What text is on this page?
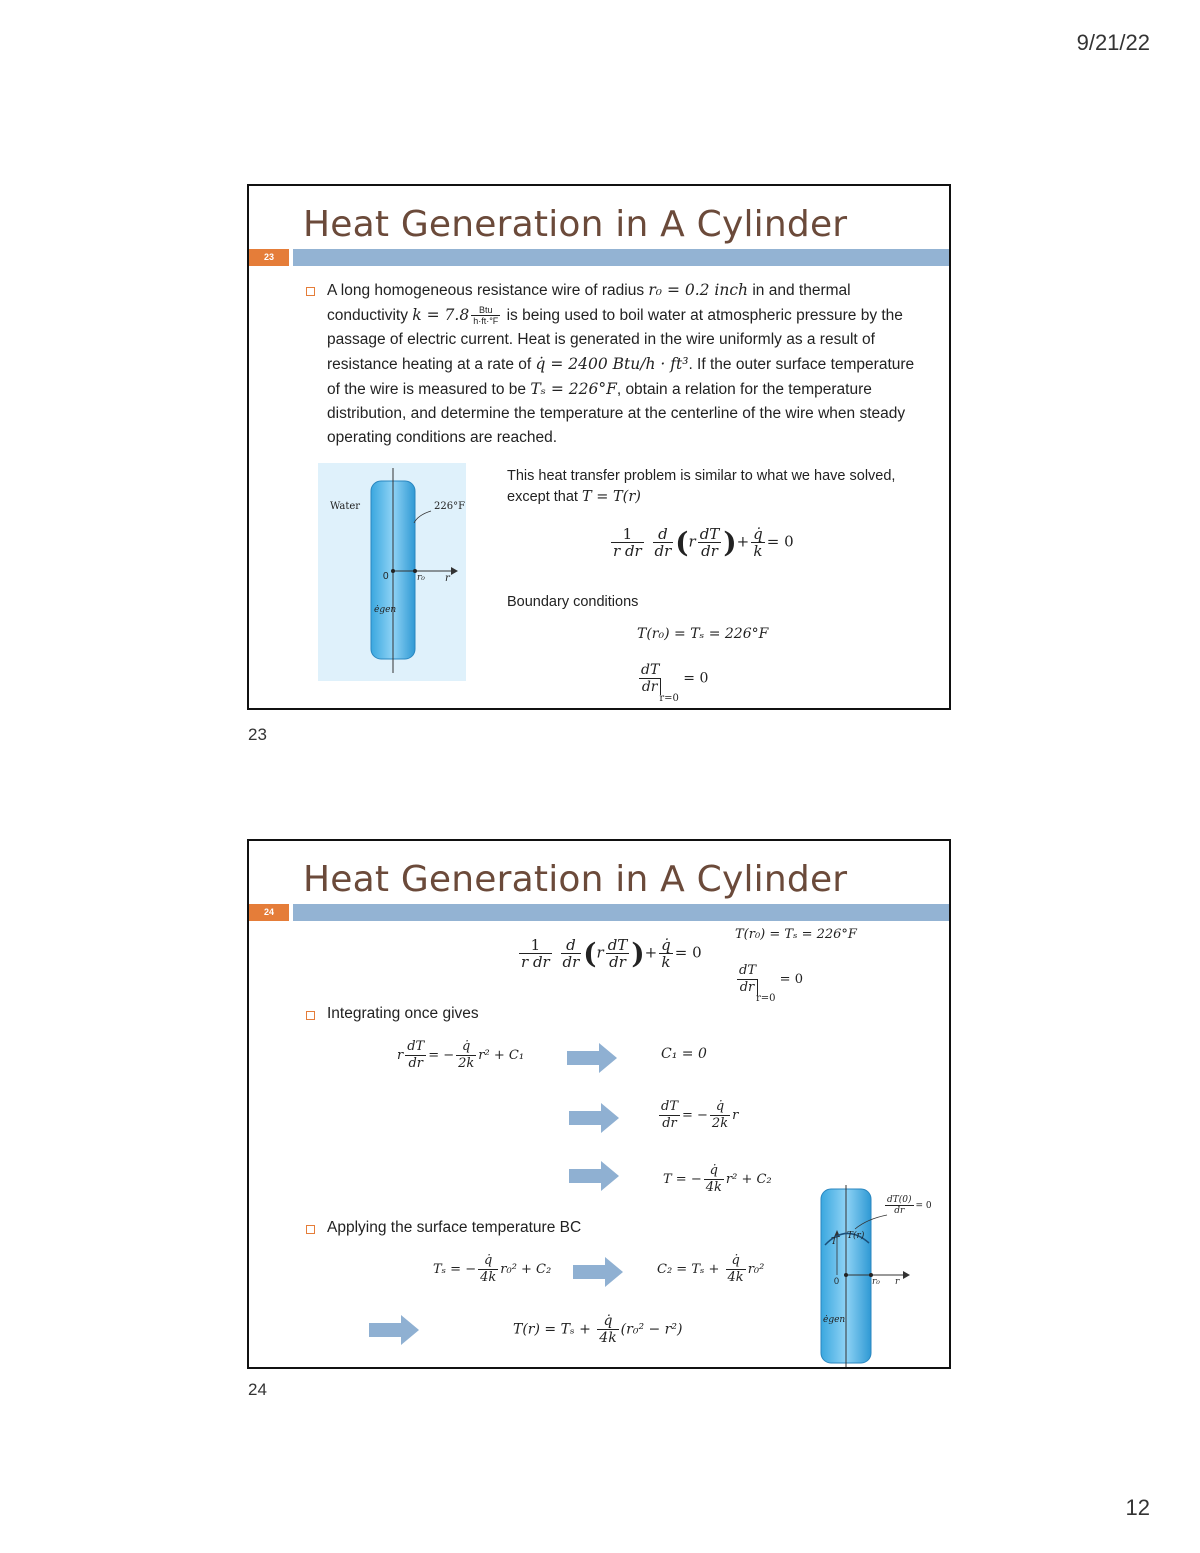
9/21/22
Heat Generation in A Cylinder
23
A long homogeneous resistance wire of radius r₀ = 0.2 inch in and thermal conductivity $k = 7.8 \frac{\text{Btu}}{h\cdot ft\cdot^\circ F}$ is being used to boil water at atmospheric pressure by the passage of electric current. Heat is generated in the wire uniformly as a result of resistance heating at a rate of q̇ = 2400 Btu/h · ft³. If the outer surface temperature of the wire is measured to be Tₛ = 226°F, obtain a relation for the temperature distribution, and determine the temperature at the centerline of the wire when steady operating conditions are reached.
Water	226°F
0	r₀ r
ėgen
This heat transfer problem is similar to what we have solved, except that T = T(r)
$\frac{1}{\text{r dr}}$
$\frac{d}{dr} (r \frac{dT}{dr}$ )+ $\frac{q̇}{k} = 0$
Boundary conditions
T(r₀) = Tₛ = 226°F
$\frac{dT}{dr}$
$_{r=0}$ = 0
23
Heat Generation in A Cylinder
24
$\frac{1}{\text{r dr}}$
$\frac{d}{dr} (r \frac{dT}{dr}$ )+ $\frac{q̇}{k} = 0$
T(r₀) = Tₛ = 226°F
$\frac{dT}{dr}$
$_{r=0}$ = 0
Integrating once gives
r $\frac{dT}{dr}$ = − $\frac{q̇}{2k} r^2 + C_1$	C₁ = 0
$\frac{dT}{dr}$ = − $\frac{q̇}{2k}$ r
T = − $\frac{q̇}{4k} r^2 + C_2$
Applying the surface temperature BC
Tₛ = − $\frac{q̇}{4k} r_0^2 + C_2$	$C_2 = T_s + \frac{q̇}{4k} r_0^2$
$T(r) = T_s + \frac{q̇}{4k} (r_0^2 - r^2)$
$\frac{dT(0)}{dr} = 0$
T
T(r)
0	r₀ r
ėgen
24
12
